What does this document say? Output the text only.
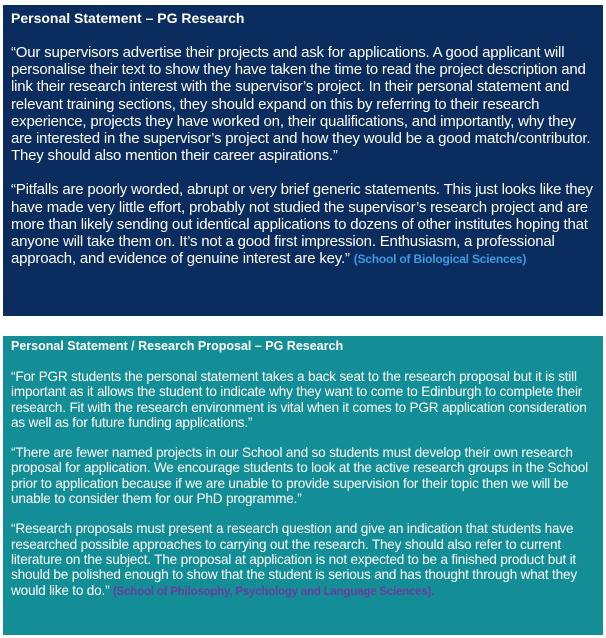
Personal Statement – PG Research

“Our supervisors advertise their projects and ask for applications. A good applicant will personalise their text to show they have taken the time to read the project description and link their research interest with the supervisor’s project. In their personal statement and relevant training sections, they should expand on this by referring to their research experience, projects they have worked on, their qualifications, and importantly, why they are interested in the supervisor’s project and how they would be a good match/contributor. They should also mention their career aspirations.”

“Pitfalls are poorly worded, abrupt or very brief generic statements. This just looks like they have made very little effort, probably not studied the supervisor’s research project and are more than likely sending out identical applications to dozens of other institutes hoping that anyone will take them on. It’s not a good first impression. Enthusiasm, a professional approach, and evidence of genuine interest are key.” (School of Biological Sciences)

Personal Statement / Research Proposal – PG Research

“For PGR students the personal statement takes a back seat to the research proposal but it is still important as it allows the student to indicate why they want to come to Edinburgh to complete their research. Fit with the research environment is vital when it comes to PGR application consideration as well as for future funding applications.”

“There are fewer named projects in our School and so students must develop their own research proposal for application. We encourage students to look at the active research groups in the School prior to application because if we are unable to provide supervision for their topic then we will be unable to consider them for our PhD programme.”

“Research proposals must present a research question and give an indication that students have researched possible approaches to carrying out the research. They should also refer to current literature on the subject. The proposal at application is not expected to be a finished product but it should be polished enough to show that the student is serious and has thought through what they would like to do.” (School of Philosophy, Psychology and Language Sciences).
